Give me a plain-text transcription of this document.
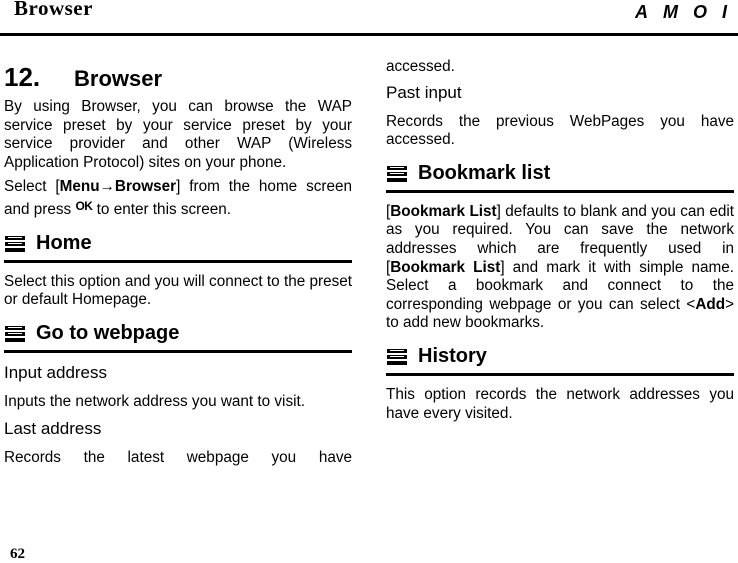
Browser	AMOI
12.	Browser

By using Browser, you can browse the WAP service preset by your service preset by your service provider and other WAP (Wireless Application Protocol) sites on your phone.

Select [Menu→Browser] from the home screen and press OK to enter this screen.

Home

Select this option and you will connect to the preset or default Homepage.

Go to webpage
Input address

Inputs the network address you want to visit.

Last address

Records the latest webpage you have

accessed.

Past input

Records the previous WebPages you have accessed.

Bookmark list

[Bookmark List] defaults to blank and you can edit as you required. You can save the network addresses which are frequently used in [Bookmark List] and mark it with simple name. Select a bookmark and connect to the corresponding webpage or you can select <Add> to add new bookmarks.

History

This option records the network addresses you have every visited.

62
